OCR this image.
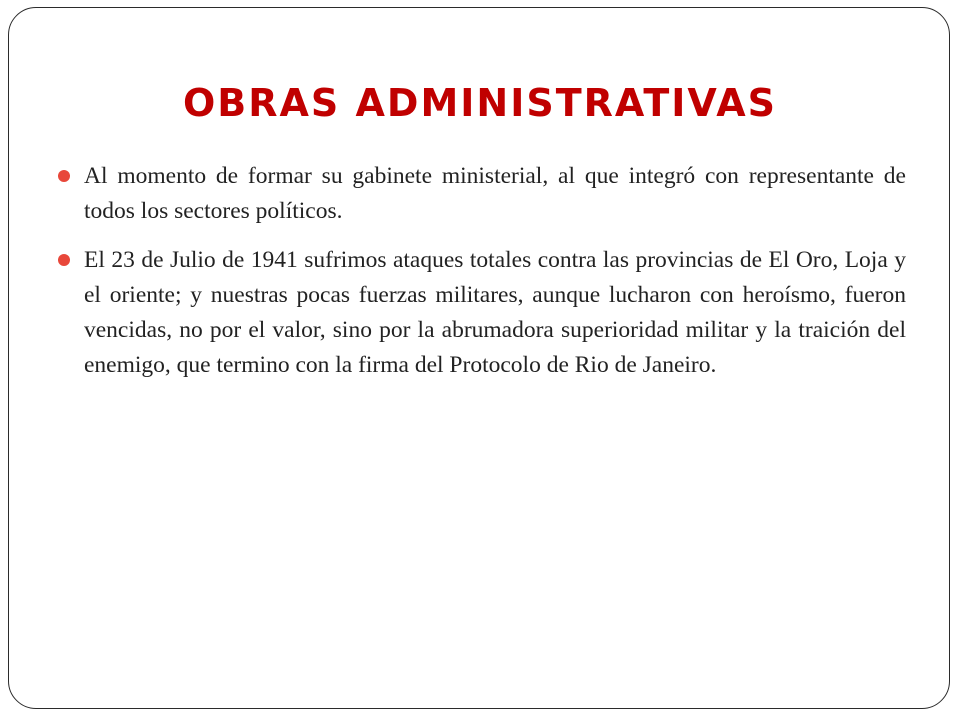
OBRAS ADMINISTRATIVAS
Al momento de formar su gabinete ministerial, al que integró con representante de todos los sectores políticos.
El 23 de Julio de 1941 sufrimos ataques totales contra las provincias de El Oro, Loja y el oriente; y nuestras pocas fuerzas militares, aunque lucharon con heroísmo, fueron vencidas, no por el valor, sino por la abrumadora superioridad militar y la traición del enemigo, que termino con la firma del Protocolo de Rio de Janeiro.
